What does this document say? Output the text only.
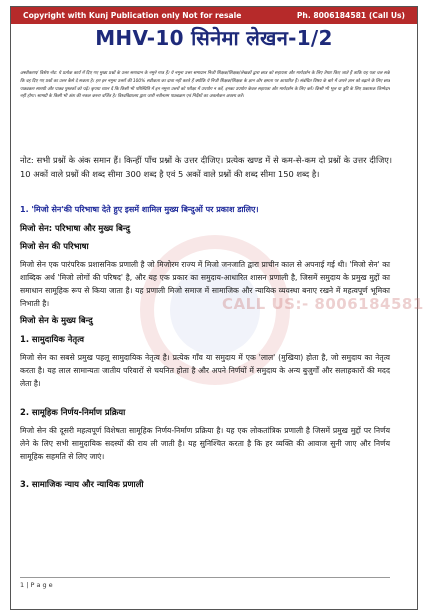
Copyright with Kunj Publication only Not for resale	Ph. 8006184581 (Call Us)
MHV-10 सिनेमा लेखन-1/2
अस्वीकरण/ विशेष नोट: ये प्रत्येक कार्य में दिए गए मुख्य प्रश्नों के उत्तर समाधान के नमूने मात्र हैं। ये नमूना उत्तर समाधान निजी शिक्षक/शिक्षक/लेखकों द्वारा छात्र को सहायता और मार्गदर्शन के लिए तैयार किए जाते हैं ताकि यह पता चल सके कि वह दिए गए प्रश्नों का उत्तर कैसे दे सकता है। हम इन नमूना उत्तरों की 100% सटीकता का दावा नहीं करते हैं क्योंकि ये निजी शिक्षक/शिक्षक के ज्ञान और क्षमता पर आधारित हैं। संबंधित विषय के बारे में अपने ज्ञान को बढ़ाने के लिए छात्र पाठ्यक्रम सामग्री और पाठ्य पुस्तकों को पढ़ें। कृपया ध्यान दें कि किसी भी परिस्थिति में इन नमूना उत्तरों को परीक्षा में उपयोग न करें, इनका उपयोग केवल सहायता और मार्गदर्शन के लिए करें। किसी भी भूल या त्रुटि के लिए प्रकाशक जिम्मेदार नहीं होगा। सामग्री के किसी भी अंश की नकल करना वर्जित है। विश्वविद्यालय द्वारा जारी नवीनतम पाठ्यक्रम एवं निर्देशों का अवलोकन अवश्य करें।
नोट: सभी प्रश्नों के अंक समान हैं। किन्हीं पाँच प्रश्नों के उत्तर दीजिए। प्रत्येक खण्ड में से कम-से-कम दो प्रश्नों के उत्तर दीजिए। 10 अकों वाले प्रश्नों की शब्द सीमा 300 शब्द है एवं 5 अकों वाले प्रश्नों की शब्द सीमा 150 शब्द है।
1. 'मिजो सेन'की परिभाषा देते हुए इसमें शामिल मुख्य बिन्दुओं पर प्रकाश डालिए।
CALL US:- 8006184581
मिजो सेन: परिभाषा और मुख्य बिन्दु
मिजो सेन की परिभाषा
मिजो सेन एक पारंपरिक प्रशासनिक प्रणाली है जो मिजोरम राज्य में मिजो जनजाति द्वारा प्राचीन काल से अपनाई गई थी। 'मिजो सेन' का शाब्दिक अर्थ 'मिजो लोगों की परिषद' है, और यह एक प्रकार का समुदाय-आधारित शासन प्रणाली है, जिसमें समुदाय के प्रमुख मुद्दों का समाधान सामूहिक रूप से किया जाता है। यह प्रणाली मिजो समाज में सामाजिक और न्यायिक व्यवस्था बनाए रखने में महत्वपूर्ण भूमिका निभाती है।
मिजो सेन के मुख्य बिन्दु
1. सामुदायिक नेतृत्व
मिजो सेन का सबसे प्रमुख पहलू सामुदायिक नेतृत्व है। प्रत्येक गाँव या समुदाय में एक 'लाल' (मुखिया) होता है, जो समुदाय का नेतृत्व करता है। यह लाल सामान्यतः जातीय परिवारों से चयनित होता है और अपने निर्णयों में समुदाय के अन्य बुजुर्गों और सलाहकारों की मदद लेता है।
2. सामूहिक निर्णय-निर्माण प्रक्रिया
मिजो सेन की दूसरी महत्वपूर्ण विशेषता सामूहिक निर्णय-निर्माण प्रक्रिया है। यह एक लोकतांत्रिक प्रणाली है जिसमें प्रमुख मुद्दों पर निर्णय लेने के लिए सभी सामुदायिक सदस्यों की राय ली जाती है। यह सुनिश्चित करता है कि हर व्यक्ति की आवाज सुनी जाए और निर्णय सामूहिक सहमति से लिए जाएं।
3. सामाजिक न्याय और न्यायिक प्रणाली
1 | P a g e
